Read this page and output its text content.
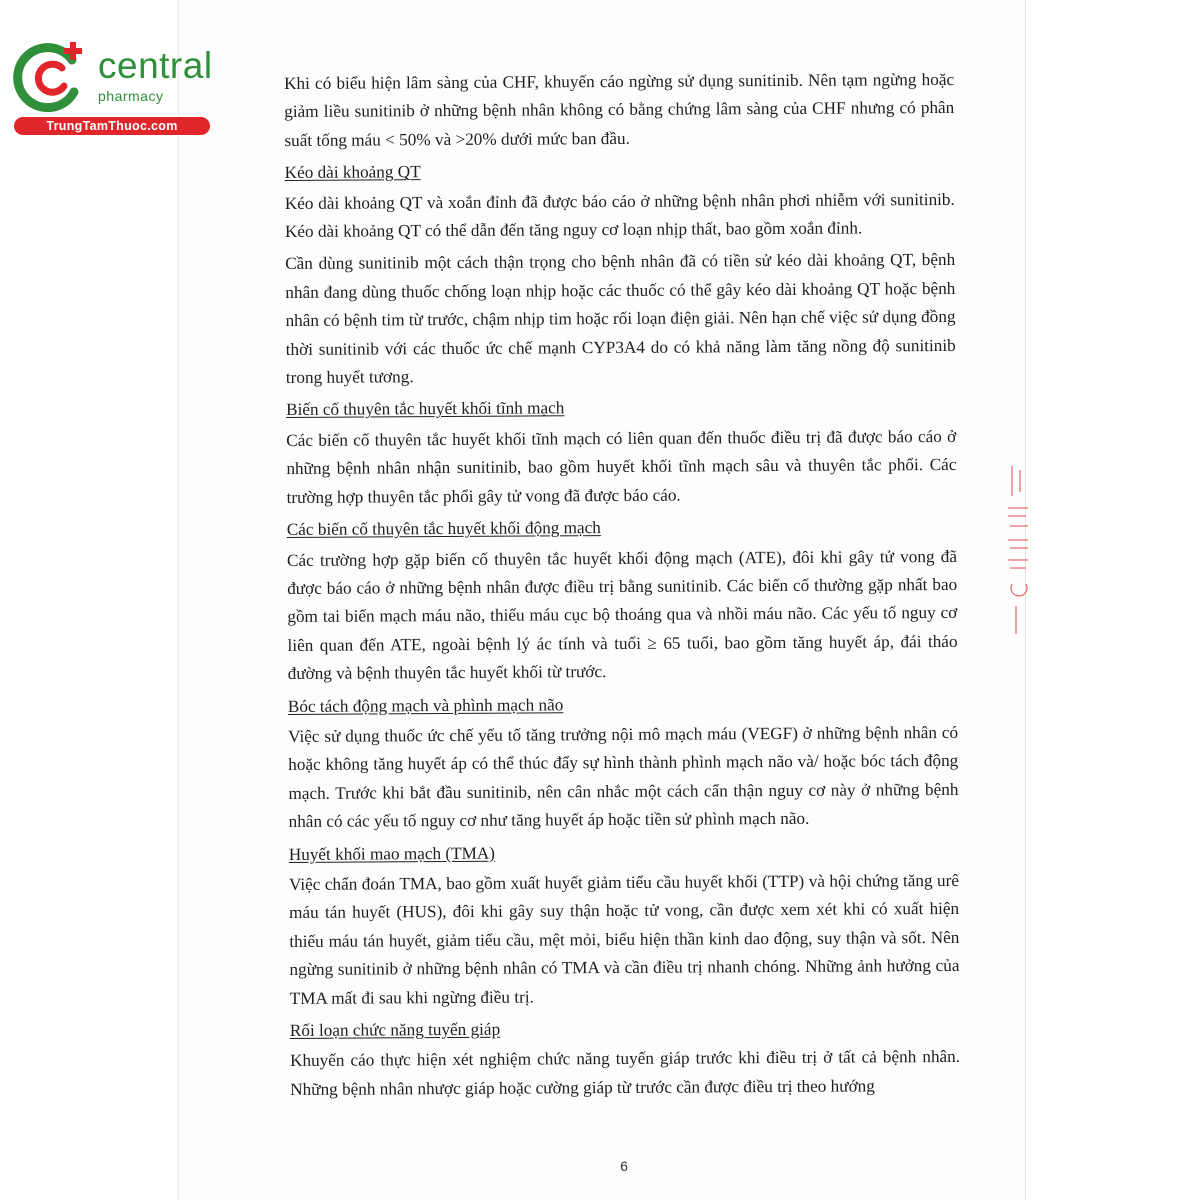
central
pharmacy
TrungTamThuoc.com

Khi có biểu hiện lâm sàng của CHF, khuyến cáo ngừng sử dụng sunitinib. Nên tạm ngừng hoặc giảm liều sunitinib ở những bệnh nhân không có bằng chứng lâm sàng của CHF nhưng có phân suất tống máu < 50% và >20% dưới mức ban đầu.

Kéo dài khoảng QT

Kéo dài khoảng QT và xoắn đỉnh đã được báo cáo ở những bệnh nhân phơi nhiễm với sunitinib. Kéo dài khoảng QT có thể dẫn đến tăng nguy cơ loạn nhịp thất, bao gồm xoắn đỉnh.

Cần dùng sunitinib một cách thận trọng cho bệnh nhân đã có tiền sử kéo dài khoảng QT, bệnh nhân đang dùng thuốc chống loạn nhịp hoặc các thuốc có thể gây kéo dài khoảng QT hoặc bệnh nhân có bệnh tim từ trước, chậm nhịp tim hoặc rối loạn điện giải. Nên hạn chế việc sử dụng đồng thời sunitinib với các thuốc ức chế mạnh CYP3A4 do có khả năng làm tăng nồng độ sunitinib trong huyết tương.

Biến cố thuyên tắc huyết khối tĩnh mạch

Các biến cố thuyên tắc huyết khối tĩnh mạch có liên quan đến thuốc điều trị đã được báo cáo ở những bệnh nhân nhận sunitinib, bao gồm huyết khối tĩnh mạch sâu và thuyên tắc phổi. Các trường hợp thuyên tắc phổi gây tử vong đã được báo cáo.

Các biến cố thuyên tắc huyết khối động mạch

Các trường hợp gặp biến cố thuyên tắc huyết khối động mạch (ATE), đôi khi gây tử vong đã được báo cáo ở những bệnh nhân được điều trị bằng sunitinib. Các biến cố thường gặp nhất bao gồm tai biến mạch máu não, thiếu máu cục bộ thoáng qua và nhồi máu não. Các yếu tố nguy cơ liên quan đến ATE, ngoài bệnh lý ác tính và tuổi ≥ 65 tuổi, bao gồm tăng huyết áp, đái tháo đường và bệnh thuyên tắc huyết khối từ trước.

Bóc tách động mạch và phình mạch não

Việc sử dụng thuốc ức chế yếu tố tăng trưởng nội mô mạch máu (VEGF) ở những bệnh nhân có hoặc không tăng huyết áp có thể thúc đẩy sự hình thành phình mạch não và/ hoặc bóc tách động mạch. Trước khi bắt đầu sunitinib, nên cân nhắc một cách cẩn thận nguy cơ này ở những bệnh nhân có các yếu tố nguy cơ như tăng huyết áp hoặc tiền sử phình mạch não.

Huyết khối mao mạch (TMA)

Việc chẩn đoán TMA, bao gồm xuất huyết giảm tiểu cầu huyết khối (TTP) và hội chứng tăng urê máu tán huyết (HUS), đôi khi gây suy thận hoặc tử vong, cần được xem xét khi có xuất hiện thiếu máu tán huyết, giảm tiểu cầu, mệt mỏi, biểu hiện thần kinh dao động, suy thận và sốt. Nên ngừng sunitinib ở những bệnh nhân có TMA và cần điều trị nhanh chóng. Những ảnh hưởng của TMA mất đi sau khi ngừng điều trị.

Rối loạn chức năng tuyến giáp

Khuyến cáo thực hiện xét nghiệm chức năng tuyến giáp trước khi điều trị ở tất cả bệnh nhân. Những bệnh nhân nhược giáp hoặc cường giáp từ trước cần được điều trị theo hướng

6
